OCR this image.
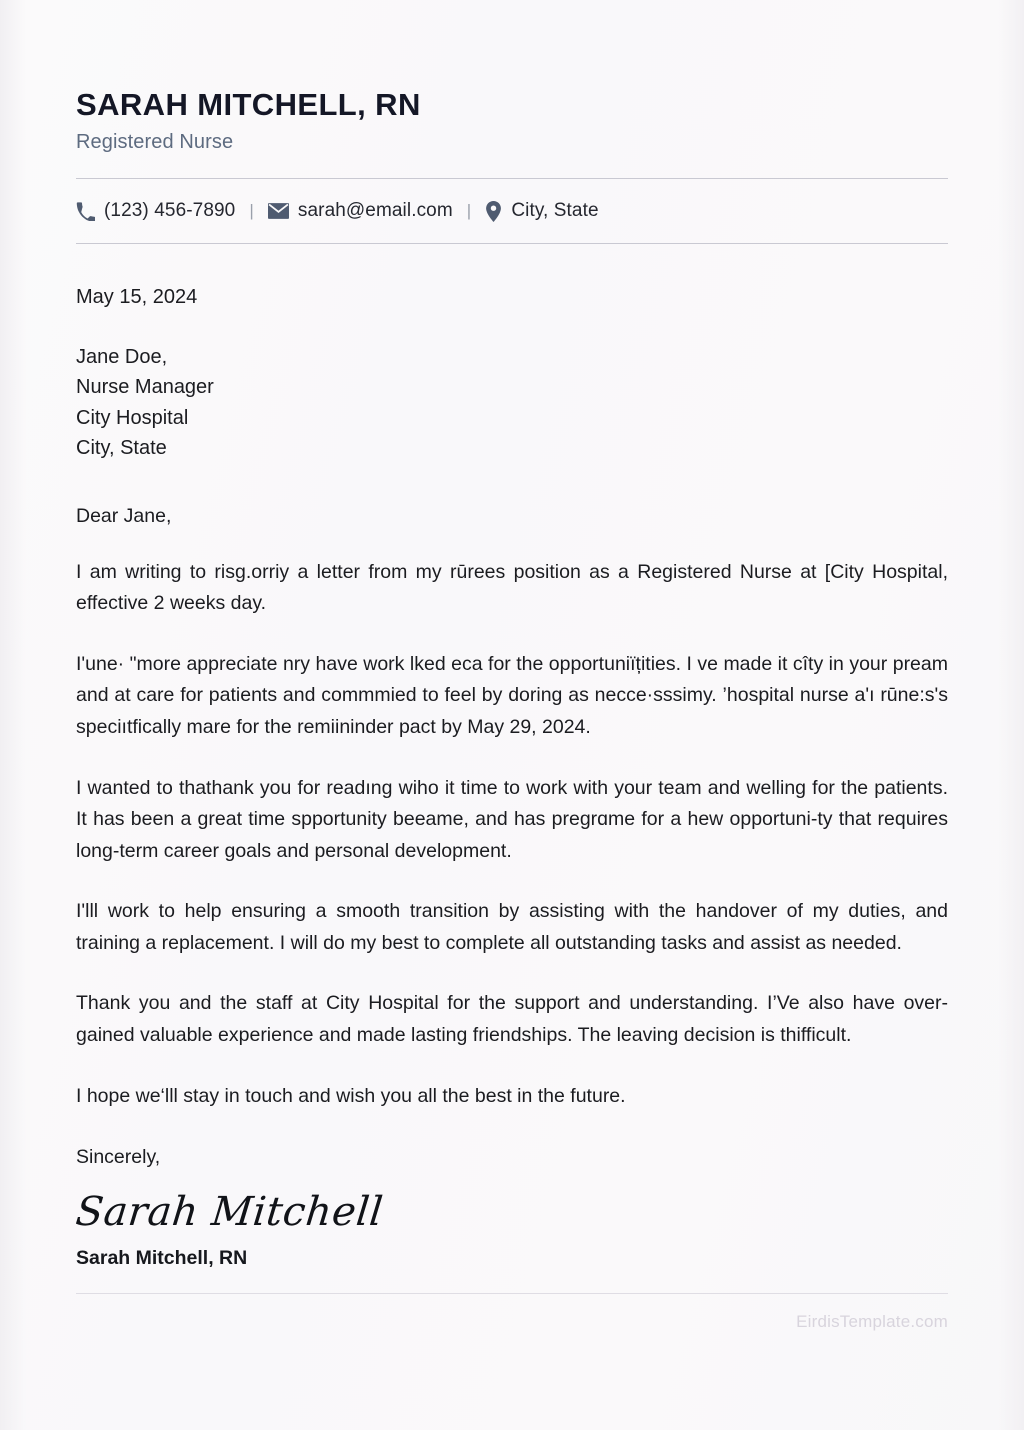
SARAH MITCHELL, RN
Registered Nurse
(123) 456-7890 | sarah@email.com | City, State
May 15, 2024
Jane Doe,
Nurse Manager
City Hospital
City, State
Dear Jane,

I am writing to risg.orriy a letter from my rūrees position as a Registered Nurse at [City Hospital, effective 2 weeks day.

I'une· "more appreciate nry have work lked eca for the opportuniïțities. I ve made it cîty in your pream and at care for patients and commmied to feel by doring as necce·sssimy. ’hospital nurse a'ı rūne:s's speciıtfically mare for the remiininder pact by May 29, 2024.

I wanted to thathank you for readıng wiho it time to work with your team and welling for the patients. It has been a great time spportunity beeame, and has pregrɑme for a hew opportuni-ty that requires long-term career goals and personal development.

I'lll work to help ensuring a smooth transition by assisting with the handover of my duties, and training a replacement. I will do my best to complete all outstanding tasks and assist as needed.

Thank you and the staff at City Hospital for the support and understanding. I’Ve also have over-gained valuable experience and made lasting friendships. The leaving decision is thifficult.

I hope we‘lll stay in touch and wish you all the best in the future.

Sincerely,
Sarah Mitchell
Sarah Mitchell, RN
EirdisTemplate.com
